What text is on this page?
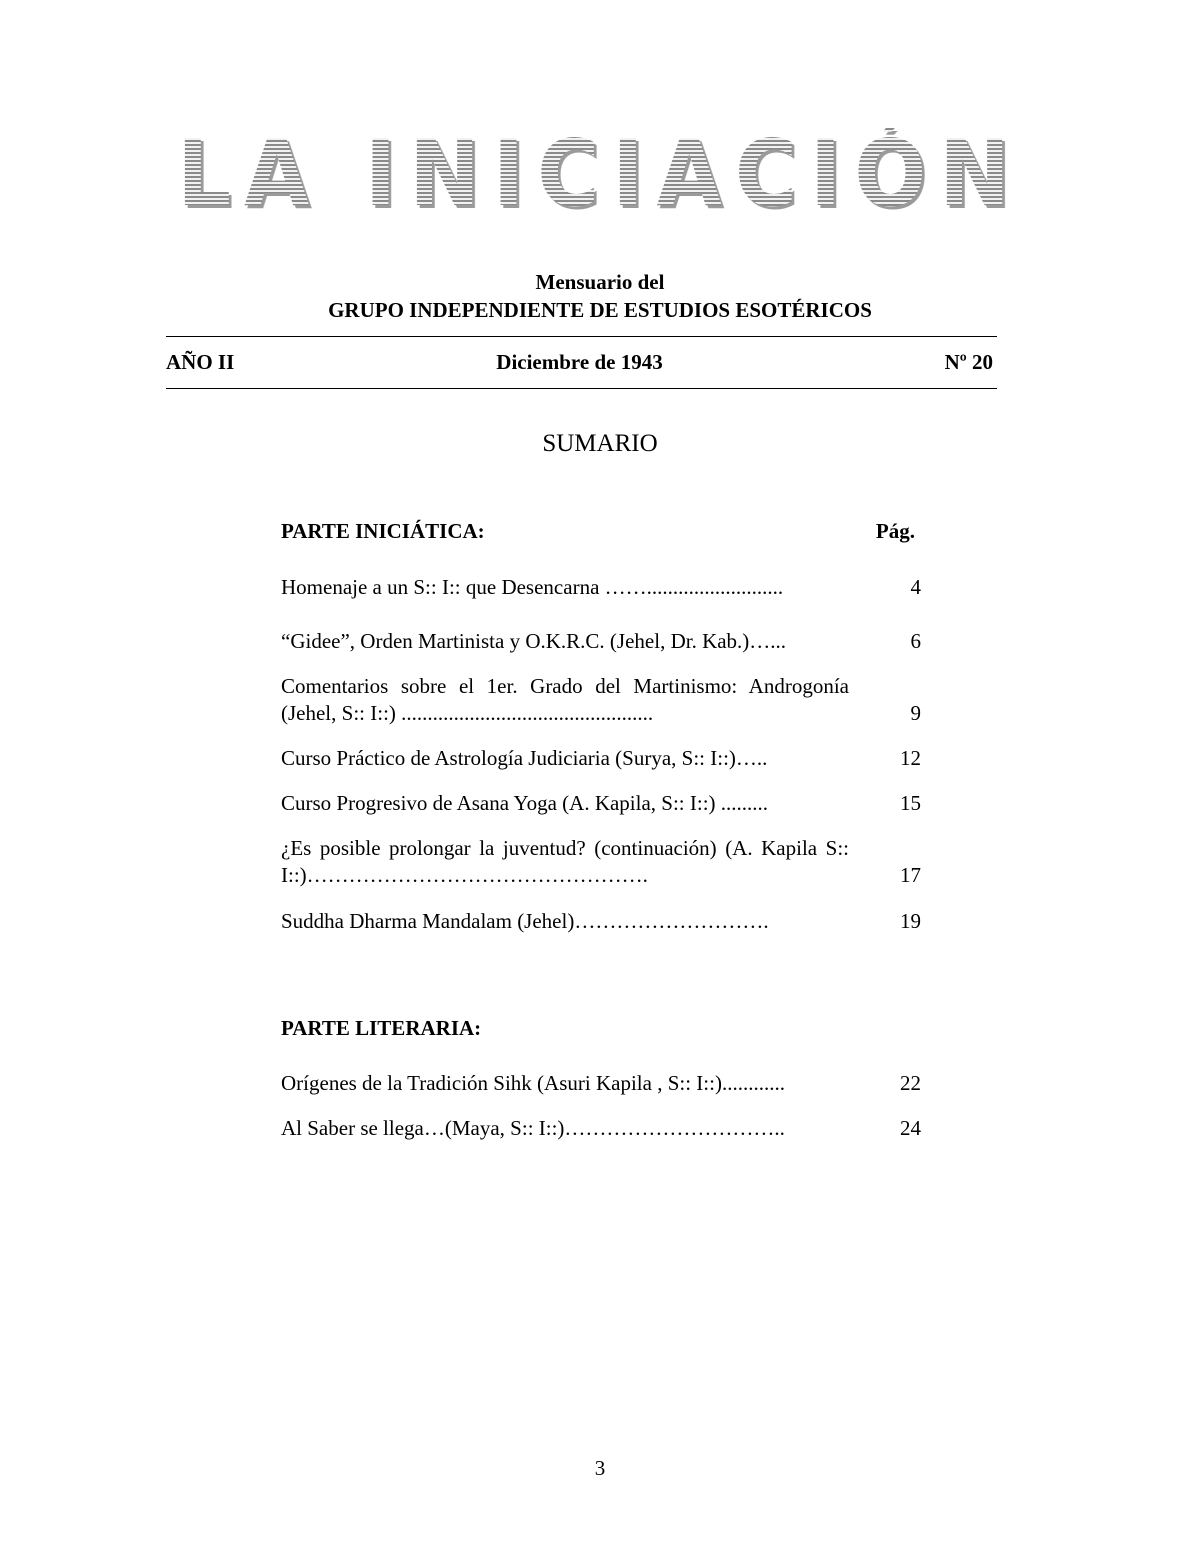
LA INICIACIÓN
Mensuario del
GRUPO INDEPENDIENTE DE ESTUDIOS ESOTÉRICOS
AÑO II	Diciembre de 1943	Nº 20
SUMARIO
PARTE INICIÁTICA:	Pág.
Homenaje a un S:: I:: que Desencarna ……..........................	4
“Gidee”, Orden Martinista y O.K.R.C. (Jehel, Dr. Kab.)…...	6
Comentarios sobre el 1er. Grado del Martinismo: Androgonía (Jehel, S:: I::) ................................................	9
Curso Práctico de Astrología Judiciaria (Surya, S:: I::)…..	12
Curso Progresivo de Asana Yoga (A. Kapila, S:: I::) .........	15
¿Es posible prolongar la juventud? (continuación) (A. Kapila S:: I::)………………………………………….	17
Suddha Dharma Mandalam (Jehel)……………………….	19
PARTE LITERARIA:
Orígenes de la Tradición Sihk (Asuri Kapila , S:: I::)............	22
Al Saber se llega…(Maya, S:: I::)…………………………..	24
3
